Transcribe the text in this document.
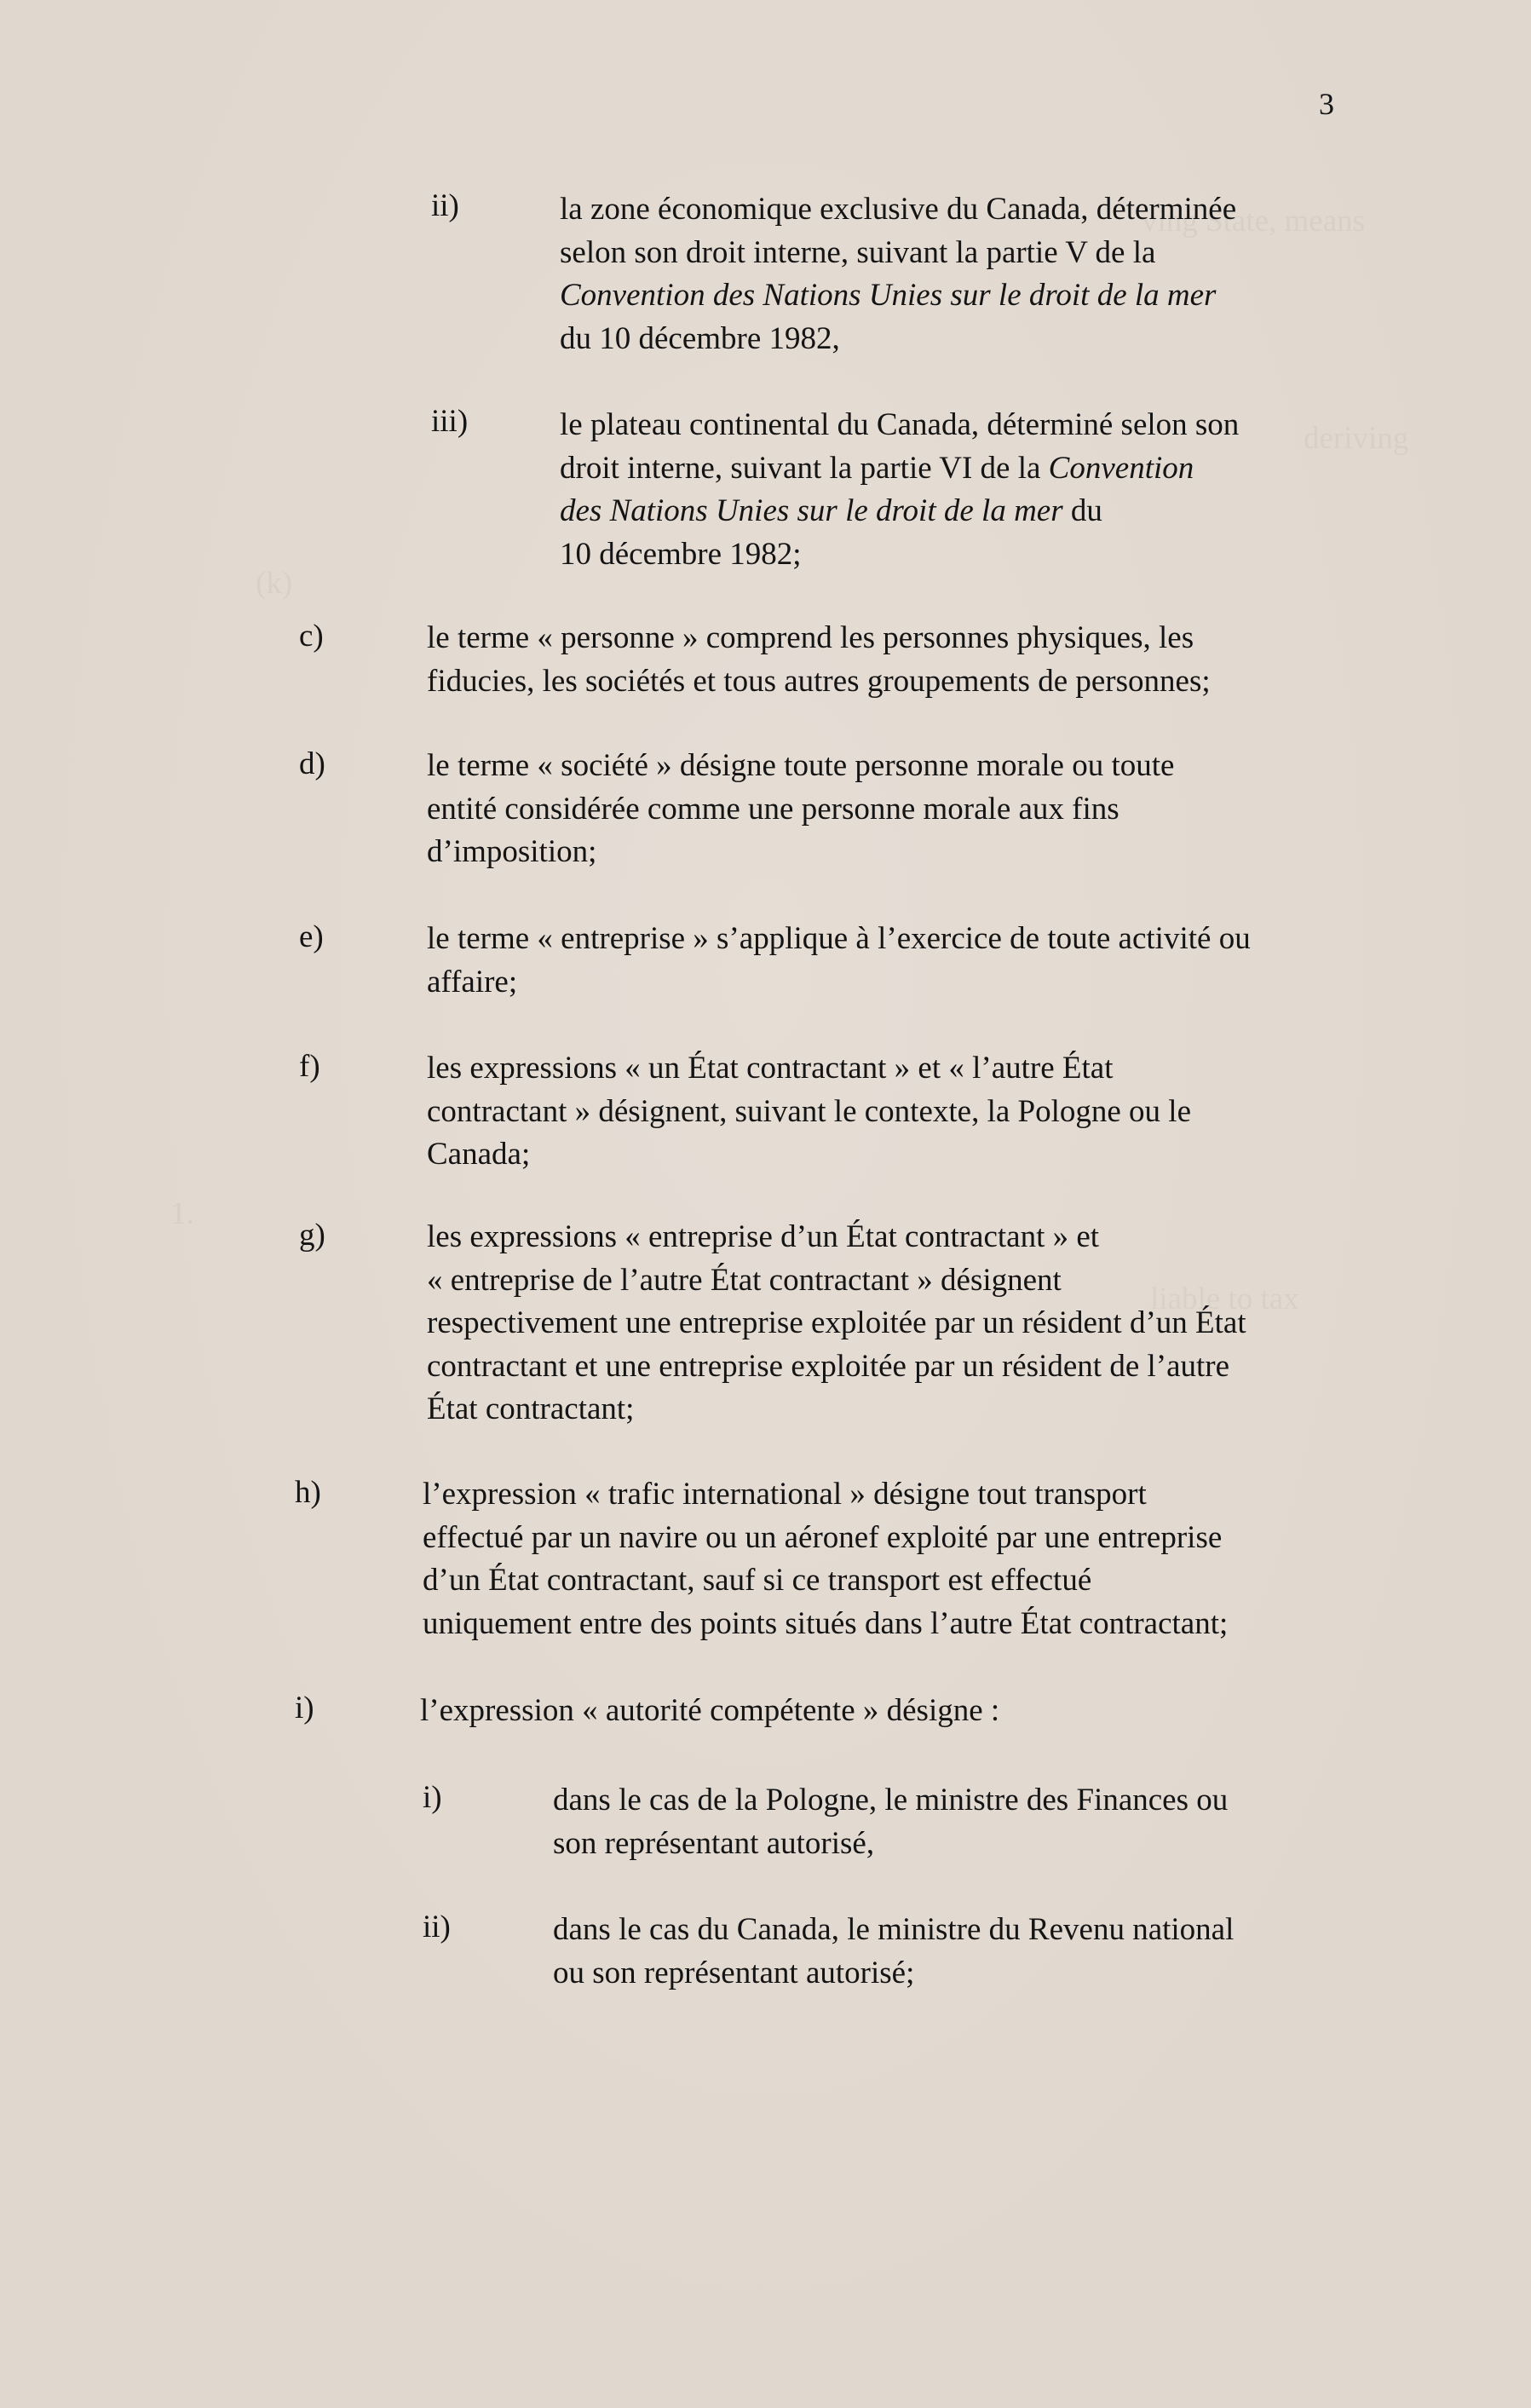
ving State, means
deriving
(k)
1.
liable to tax
3
ii)	la zone économique exclusive du Canada, déterminée
selon son droit interne, suivant la partie V de la
Convention des Nations Unies sur le droit de la mer
du 10 décembre 1982,
iii)	le plateau continental du Canada, déterminé selon son
droit interne, suivant la partie VI de la Convention
des Nations Unies sur le droit de la mer du
10 décembre 1982;
c)	le terme « personne » comprend les personnes physiques, les
fiducies, les sociétés et tous autres groupements de personnes;
d)	le terme « société » désigne toute personne morale ou toute
entité considérée comme une personne morale aux fins
d’imposition;
e)	le terme « entreprise » s’applique à l’exercice de toute activité ou
affaire;
f)	les expressions « un État contractant » et « l’autre État
contractant » désignent, suivant le contexte, la Pologne ou le
Canada;
g)	les expressions « entreprise d’un État contractant » et
« entreprise de l’autre État contractant » désignent
respectivement une entreprise exploitée par un résident d’un État
contractant et une entreprise exploitée par un résident de l’autre
État contractant;
h)	l’expression « trafic international » désigne tout transport
effectué par un navire ou un aéronef exploité par une entreprise
d’un État contractant, sauf si ce transport est effectué
uniquement entre des points situés dans l’autre État contractant;
i)	l’expression « autorité compétente » désigne :
i)	dans le cas de la Pologne, le ministre des Finances ou
son représentant autorisé,
ii)	dans le cas du Canada, le ministre du Revenu national
ou son représentant autorisé;
